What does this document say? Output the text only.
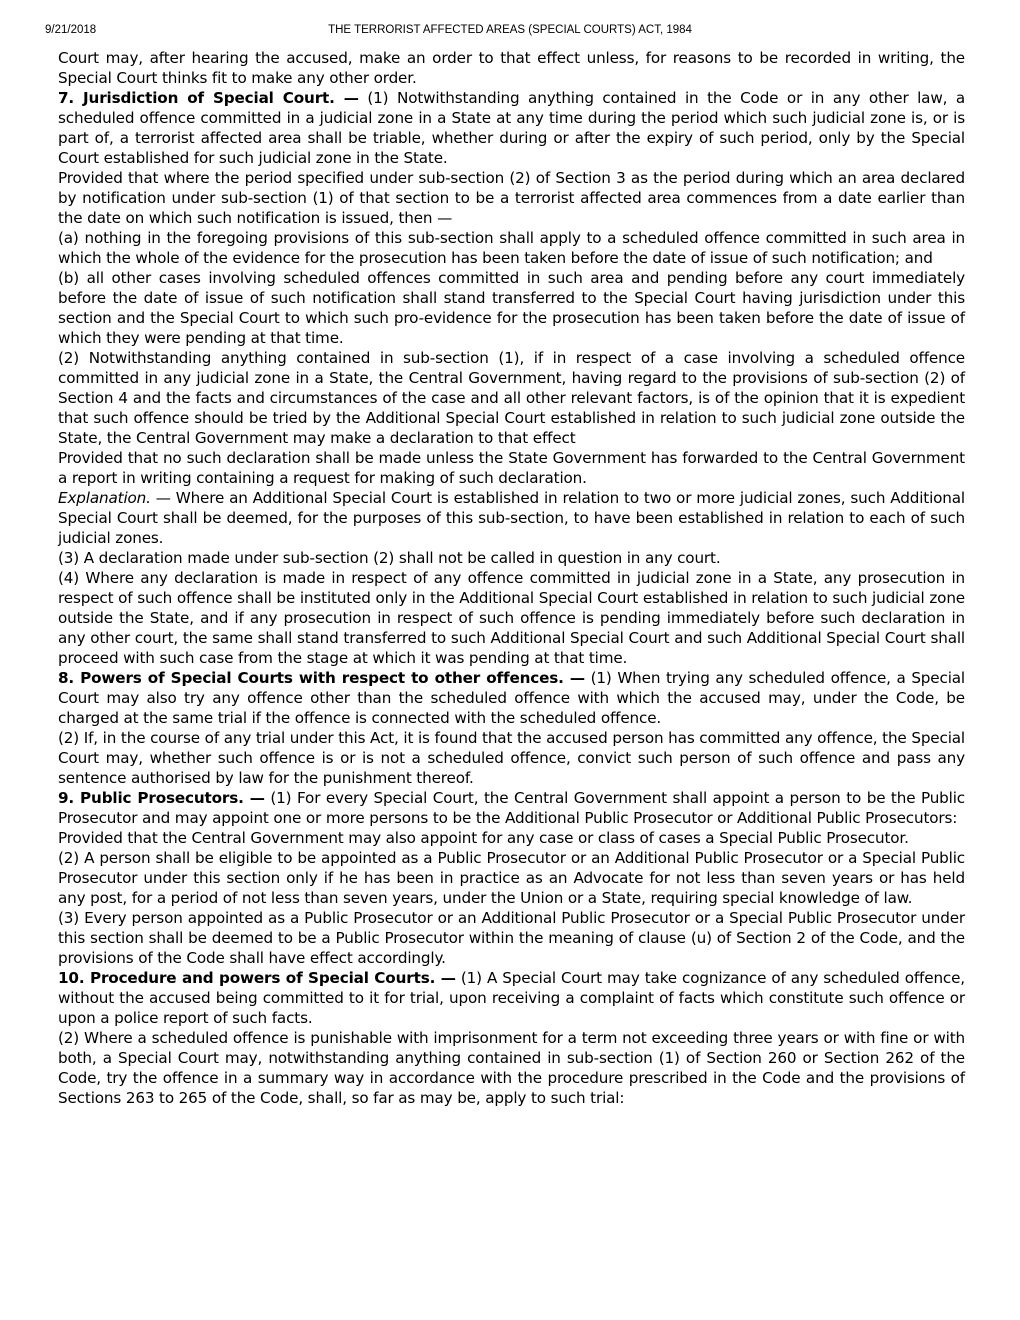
9/21/2018	THE TERRORIST AFFECTED AREAS (SPECIAL COURTS) ACT, 1984

Court may, after hearing the accused, make an order to that effect unless, for reasons to be recorded in writing, the Special Court thinks fit to make any other order.

7. Jurisdiction of Special Court. — (1) Notwithstanding anything contained in the Code or in any other law, a scheduled offence committed in a judicial zone in a State at any time during the period which such judicial zone is, or is part of, a terrorist affected area shall be triable, whether during or after the expiry of such period, only by the Special Court established for such judicial zone in the State.

Provided that where the period specified under sub-section (2) of Section 3 as the period during which an area declared by notification under sub-section (1) of that section to be a terrorist affected area commences from a date earlier than the date on which such notification is issued, then —

(a) nothing in the foregoing provisions of this sub-section shall apply to a scheduled offence committed in such area in which the whole of the evidence for the prosecution has been taken before the date of issue of such notification; and

(b) all other cases involving scheduled offences committed in such area and pending before any court immediately before the date of issue of such notification shall stand transferred to the Special Court having jurisdiction under this section and the Special Court to which such pro-evidence for the prosecution has been taken before the date of issue of which they were pending at that time.

(2) Notwithstanding anything contained in sub-section (1), if in respect of a case involving a scheduled offence committed in any judicial zone in a State, the Central Government, having regard to the provisions of sub-section (2) of Section 4 and the facts and circumstances of the case and all other relevant factors, is of the opinion that it is expedient that such offence should be tried by the Additional Special Court established in relation to such judicial zone outside the State, the Central Government may make a declaration to that effect

Provided that no such declaration shall be made unless the State Government has forwarded to the Central Government a report in writing containing a request for making of such declaration.

Explanation. — Where an Additional Special Court is established in relation to two or more judicial zones, such Additional Special Court shall be deemed, for the purposes of this sub-section, to have been established in relation to each of such judicial zones.

(3) A declaration made under sub-section (2) shall not be called in question in any court.

(4) Where any declaration is made in respect of any offence committed in judicial zone in a State, any prosecution in respect of such offence shall be instituted only in the Additional Special Court established in relation to such judicial zone outside the State, and if any prosecution in respect of such offence is pending immediately before such declaration in any other court, the same shall stand transferred to such Additional Special Court and such Additional Special Court shall proceed with such case from the stage at which it was pending at that time.

8. Powers of Special Courts with respect to other offences. — (1) When trying any scheduled offence, a Special Court may also try any offence other than the scheduled offence with which the accused may, under the Code, be charged at the same trial if the offence is connected with the scheduled offence.

(2) If, in the course of any trial under this Act, it is found that the accused person has committed any offence, the Special Court may, whether such offence is or is not a scheduled offence, convict such person of such offence and pass any sentence authorised by law for the punishment thereof.

9. Public Prosecutors. — (1) For every Special Court, the Central Government shall appoint a person to be the Public Prosecutor and may appoint one or more persons to be the Additional Public Prosecutor or Additional Public Prosecutors:

Provided that the Central Government may also appoint for any case or class of cases a Special Public Prosecutor.

(2) A person shall be eligible to be appointed as a Public Prosecutor or an Additional Public Prosecutor or a Special Public Prosecutor under this section only if he has been in practice as an Advocate for not less than seven years or has held any post, for a period of not less than seven years, under the Union or a State, requiring special knowledge of law.

(3) Every person appointed as a Public Prosecutor or an Additional Public Prosecutor or a Special Public Prosecutor under this section shall be deemed to be a Public Prosecutor within the meaning of clause (u) of Section 2 of the Code, and the provisions of the Code shall have effect accordingly.

10. Procedure and powers of Special Courts. — (1) A Special Court may take cognizance of any scheduled offence, without the accused being committed to it for trial, upon receiving a complaint of facts which constitute such offence or upon a police report of such facts.

(2) Where a scheduled offence is punishable with imprisonment for a term not exceeding three years or with fine or with both, a Special Court may, notwithstanding anything contained in sub-section (1) of Section 260 or Section 262 of the Code, try the offence in a summary way in accordance with the procedure prescribed in the Code and the provisions of Sections 263 to 265 of the Code, shall, so far as may be, apply to such trial:
